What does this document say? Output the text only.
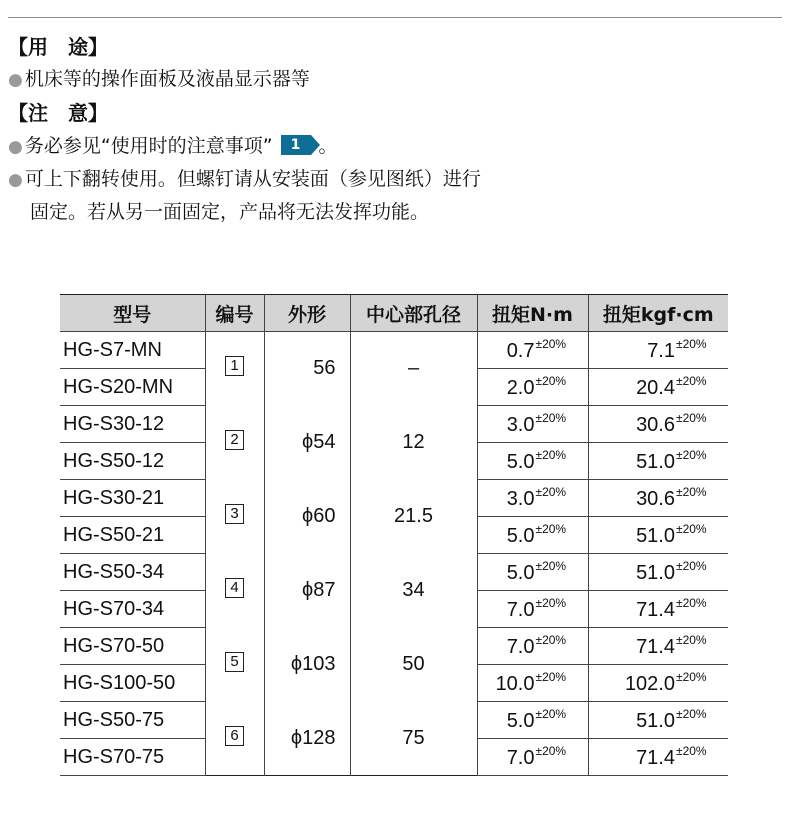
【用　途】
● 机床等的操作面板及液晶显示器等
【注　意】
● 务必参见“使用时的注意事项” 1 。
● 可上下翻转使用。但螺钉请从安装面（参见图纸）进行
固定。若从另一面固定，产品将无法发挥功能。
型号	编号	外形	中心部孔径	扭矩N·m	扭矩kgf·cm
HG-S7-MN	1	56	–	0.7±20%	7.1±20%
HG-S20-MN				2.0±20%	20.4±20%
HG-S30-12	2	ϕ54	12	3.0±20%	30.6±20%
HG-S50-12				5.0±20%	51.0±20%
HG-S30-21	3	ϕ60	21.5	3.0±20%	30.6±20%
HG-S50-21				5.0±20%	51.0±20%
HG-S50-34	4	ϕ87	34	5.0±20%	51.0±20%
HG-S70-34				7.0±20%	71.4±20%
HG-S70-50	5	ϕ103	50	7.0±20%	71.4±20%
HG-S100-50				10.0±20%	102.0±20%
HG-S50-75	6	ϕ128	75	5.0±20%	51.0±20%
HG-S70-75				7.0±20%	71.4±20%
